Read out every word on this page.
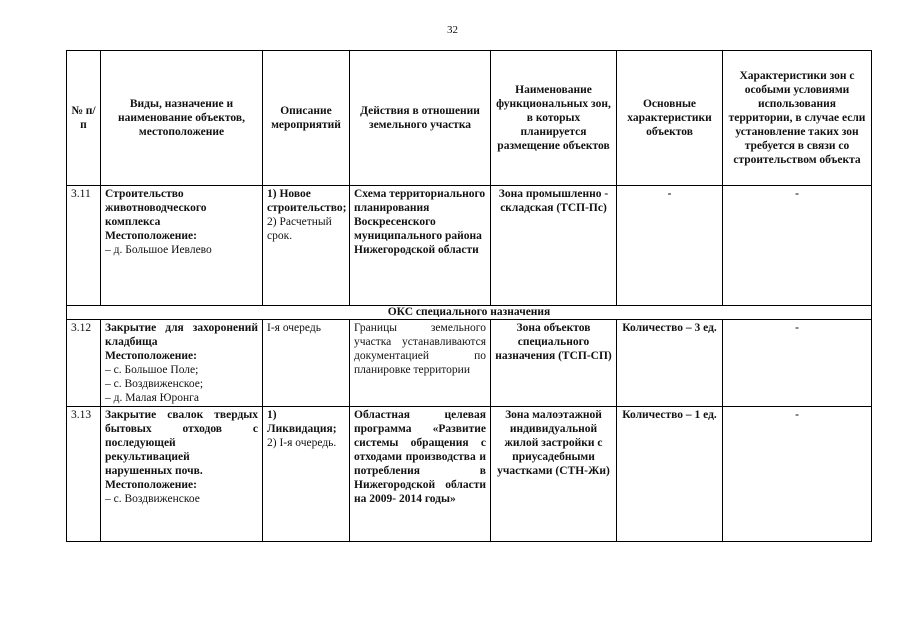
32
№ п/п	Виды, назначение и наименование объектов, местоположение	Описание мероприятий	Действия в отношении земельного участка	Наименование функциональных зон, в которых планируется размещение объектов	Основные характеристики объектов	Характеристики зон с особыми условиями использования территории, в случае если установление таких зон требуется в связи со строительством объекта
3.11	Строительство животноводческого комплекса
Местоположение:
– д. Большое Иевлево	1) Новое строительство;
2) Расчетный срок.	Схема территориального планирования Воскресенского муниципального района Нижегородской области	Зона промышленно - складская (ТСП-Пс)	-	-
ОКС специального назначения						
3.12	Закрытие для захоронений кладбища
Местоположение:
– с. Большое Поле;
– с. Воздвиженское;
– д. Малая Юронга	I-я очередь	Границы земельного участка устанавливаются документацией по планировке территории	Зона объектов специального назначения (ТСП-СП)	Количество – 3 ед.	-
3.13	Закрытие свалок твердых бытовых отходов с последующей рекультивацией нарушенных почв.
Местоположение:
– с. Воздвиженское	1) Ликвидация;
2) I-я очередь.	Областная целевая программа «Развитие системы обращения с отходами производства и потребления в Нижегородской области на 2009- 2014 годы»	Зона малоэтажной индивидуальной жилой застройки с приусадебными участками (СТН-Жи)	Количество – 1 ед.	-
